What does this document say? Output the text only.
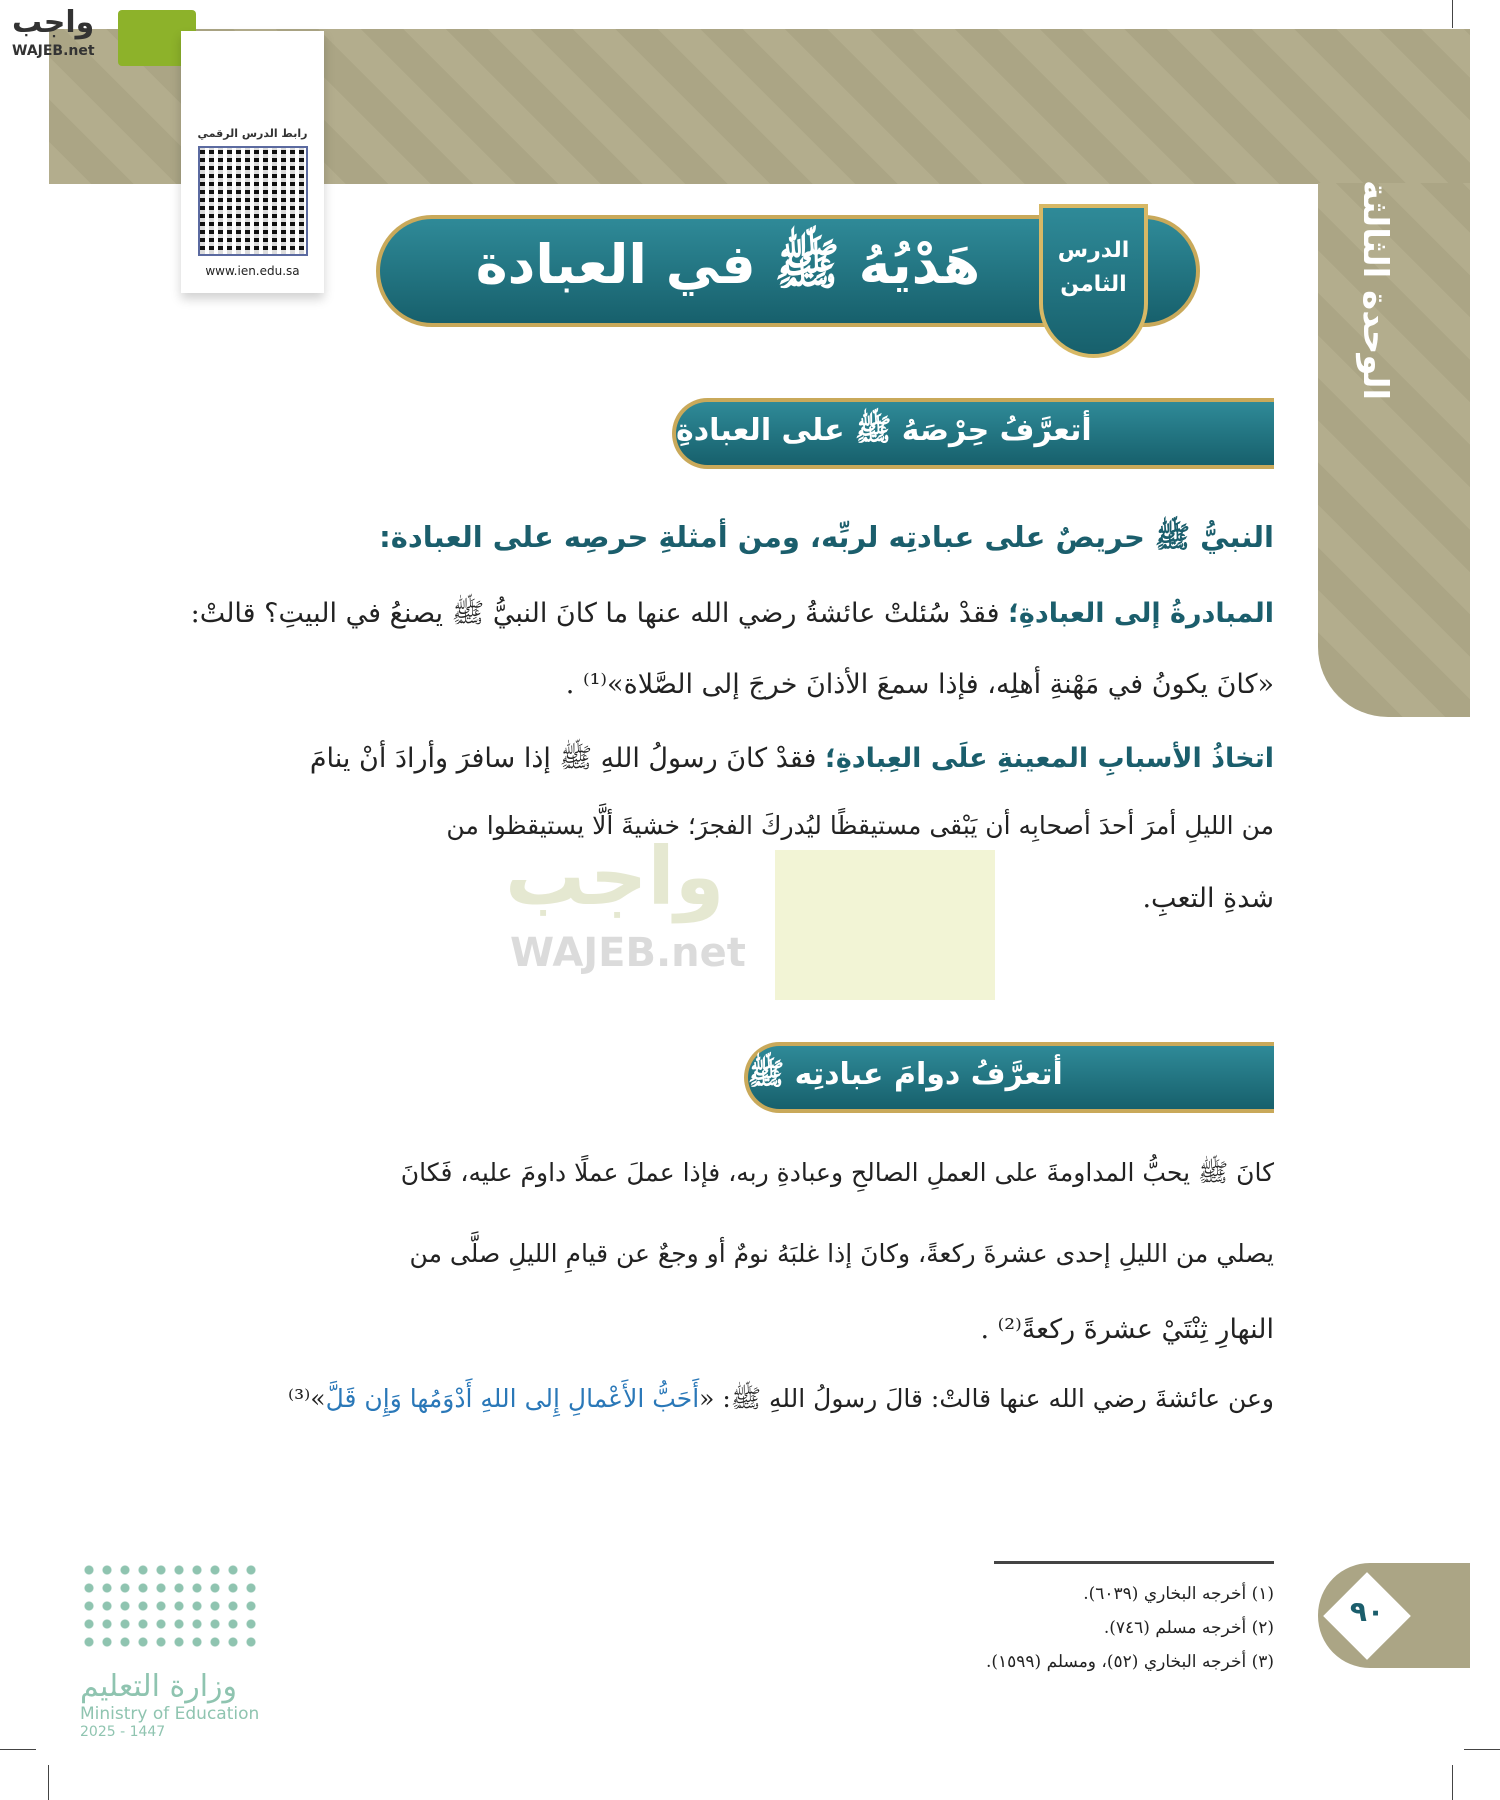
الوحدة الثالثة
واجب
WAJEB.net
رابط الدرس الرقمي
www.ien.edu.sa	هَدْيُهُ ﷺ في العبادة	الدرس
الثامن
أتعرَّفُ حِرْصَهُ ﷺ على العبادةِ
النبيُّ ﷺ حريصٌ على عبادتِه لربِّه، ومن أمثلةِ حرصِه على العبادة:
المبادرةُ إلى العبادةِ؛ فقدْ سُئلتْ عائشةُ رضي الله عنها ما كانَ النبيُّ ﷺ يصنعُ في البيتِ؟ قالتْ:
«كانَ يكونُ في مَهْنةِ أهلِه، فإذا سمعَ الأذانَ خرجَ إلى الصَّلاة»⁽¹⁾ .
اتخاذُ الأسبابِ المعينةِ علَى العِبادةِ؛ فقدْ كانَ رسولُ اللهِ ﷺ إذا سافرَ وأرادَ أنْ ينامَ
من الليلِ أمرَ أحدَ أصحابِه أن يَبْقى مستيقظًا ليُدركَ الفجرَ؛ خشيةَ ألَّا يستيقظوا من
شدةِ التعبِ.
واجب
WAJEB.net
أتعرَّفُ دوامَ عبادتِه ﷺ
كانَ ﷺ يحبُّ المداومةَ على العملِ الصالحِ وعبادةِ ربه، فإذا عملَ عملًا داومَ عليه، فَكانَ
يصلي من الليلِ إحدى عشرةَ ركعةً، وكانَ إذا غلبَهُ نومٌ أو وجعٌ عن قيامِ الليلِ صلَّى من
النهارِ ثِنْتَيْ عشرةَ ركعةً⁽²⁾ .
وعن عائشةَ رضي الله عنها قالتْ: قالَ رسولُ اللهِ ﷺ: «أَحَبُّ الأَعْمالِ إِلى اللهِ أَدْوَمُها وَإِن قَلَّ»⁽³⁾
(١) أخرجه البخاري (٦٠٣٩).
(٢) أخرجه مسلم (٧٤٦).
(٣) أخرجه البخاري (٥٢)، ومسلم (١٥٩٩).
٩٠
وزارة التعليم
Ministry of Education
2025 - 1447
